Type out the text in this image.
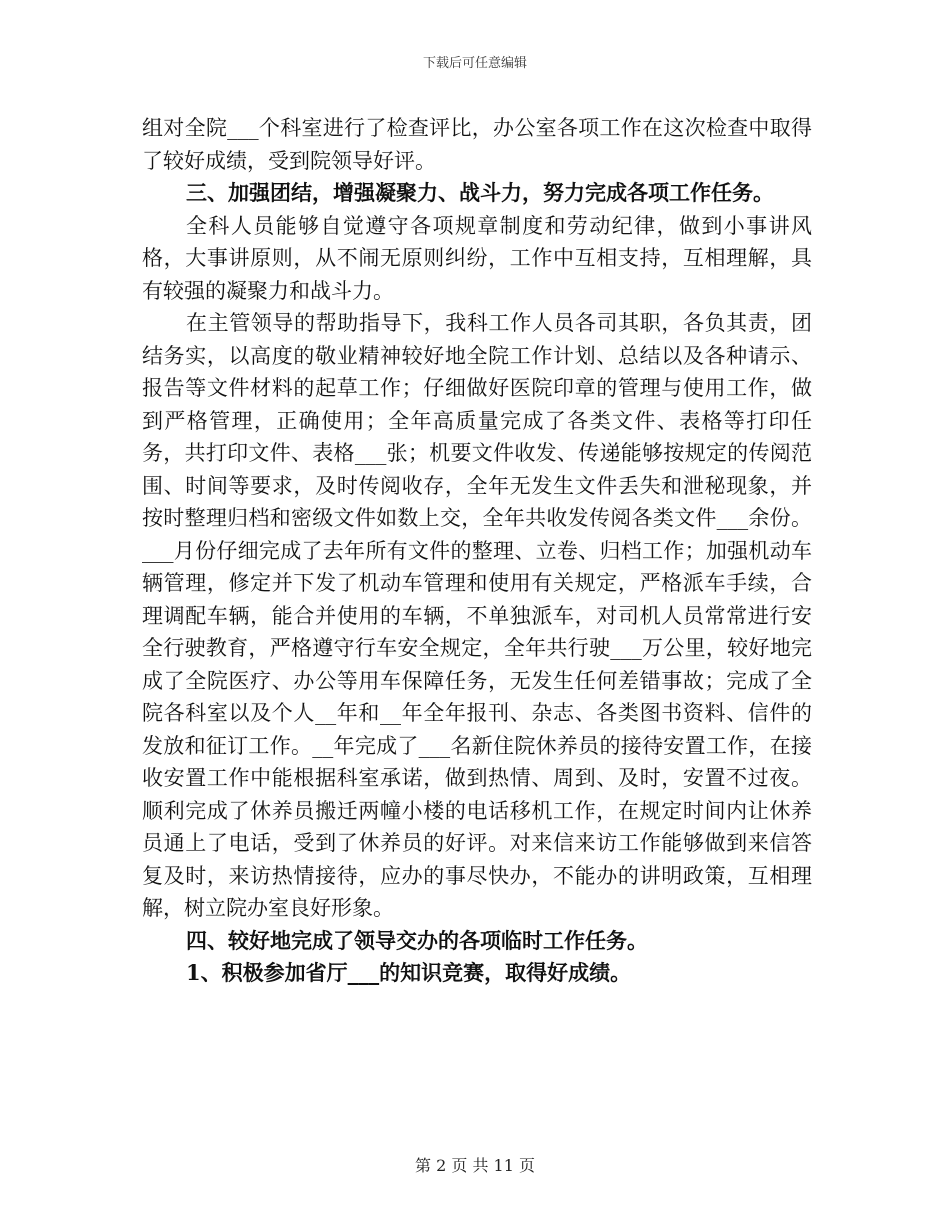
下载后可任意编辑

组对全院___个科室进行了检查评比，办公室各项工作在这次检查中取得了较好成绩，受到院领导好评。

三、加强团结，增强凝聚力、战斗力，努力完成各项工作任务。

全科人员能够自觉遵守各项规章制度和劳动纪律，做到小事讲风格，大事讲原则，从不闹无原则纠纷，工作中互相支持，互相理解，具有较强的凝聚力和战斗力。

在主管领导的帮助指导下，我科工作人员各司其职，各负其责，团结务实，以高度的敬业精神较好地全院工作计划、总结以及各种请示、报告等文件材料的起草工作；仔细做好医院印章的管理与使用工作，做到严格管理，正确使用；全年高质量完成了各类文件、表格等打印任务，共打印文件、表格___张；机要文件收发、传递能够按规定的传阅范围、时间等要求，及时传阅收存，全年无发生文件丢失和泄秘现象，并按时整理归档和密级文件如数上交，全年共收发传阅各类文件___余份。___月份仔细完成了去年所有文件的整理、立卷、归档工作；加强机动车辆管理，修定并下发了机动车管理和使用有关规定，严格派车手续，合理调配车辆，能合并使用的车辆，不单独派车，对司机人员常常进行安全行驶教育，严格遵守行车安全规定，全年共行驶___万公里，较好地完成了全院医疗、办公等用车保障任务，无发生任何差错事故；完成了全院各科室以及个人__年和__年全年报刊、杂志、各类图书资料、信件的发放和征订工作。__年完成了___名新住院休养员的接待安置工作，在接收安置工作中能根据科室承诺，做到热情、周到、及时，安置不过夜。顺利完成了休养员搬迁两幢小楼的电话移机工作，在规定时间内让休养员通上了电话，受到了休养员的好评。对来信来访工作能够做到来信答复及时，来访热情接待，应办的事尽快办，不能办的讲明政策，互相理解，树立院办室良好形象。

四、较好地完成了领导交办的各项临时工作任务。

1、积极参加省厅___的知识竞赛，取得好成绩。

第 2 页 共 11 页
